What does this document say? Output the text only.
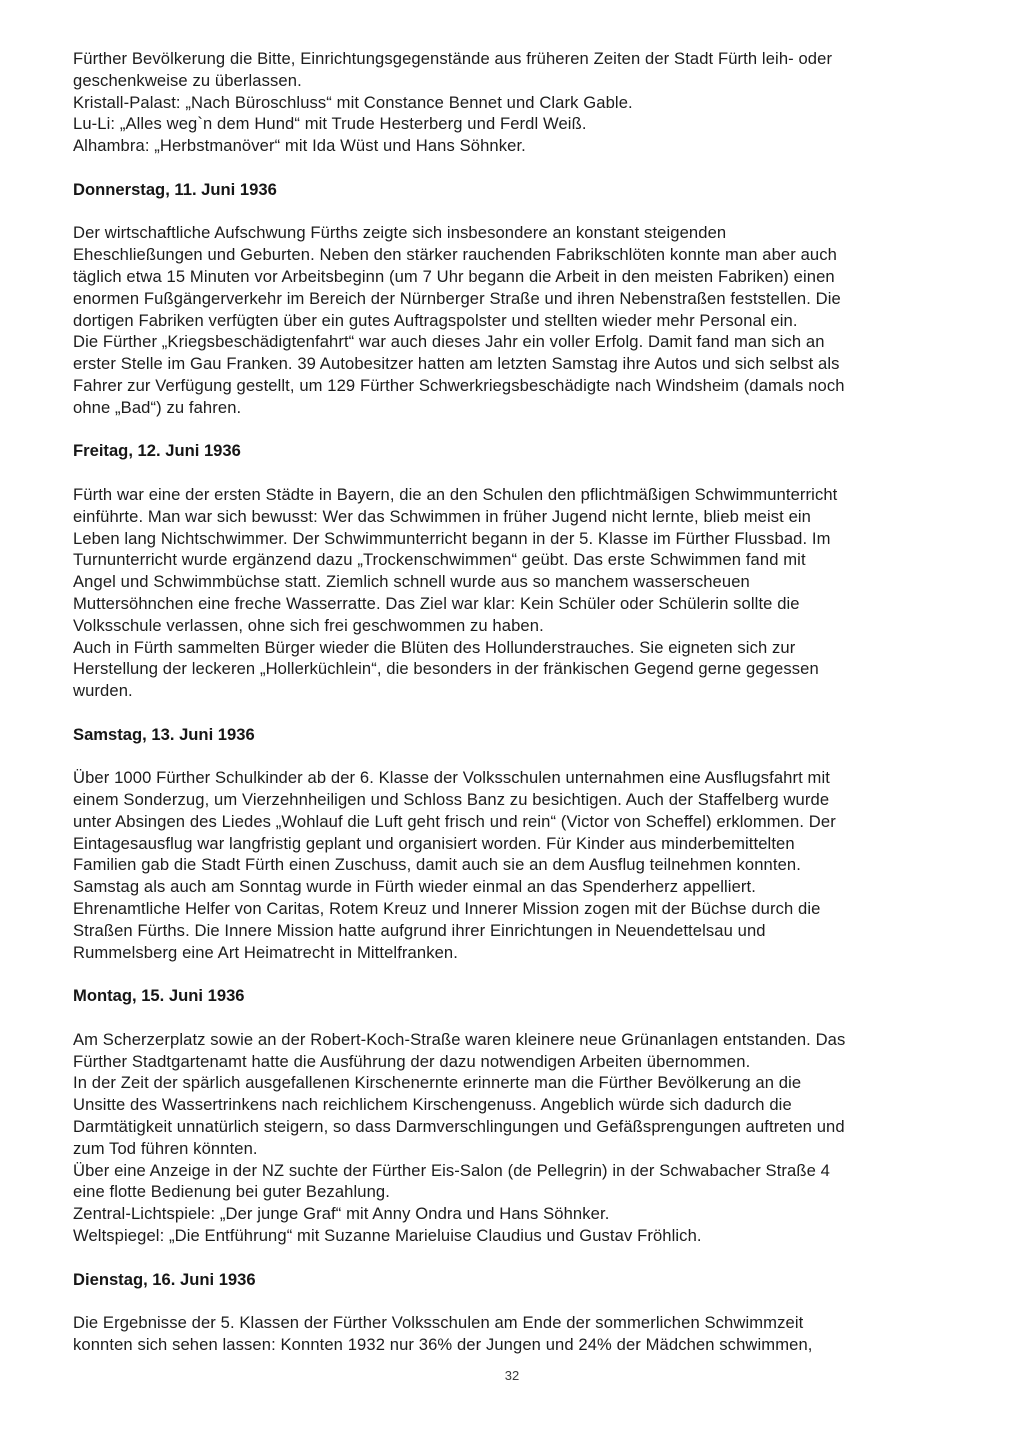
Fürther Bevölkerung die Bitte, Einrichtungsgegenstände aus früheren Zeiten der Stadt Fürth leih- oder
geschenkweise zu überlassen.
Kristall-Palast: „Nach Büroschluss“ mit Constance Bennet und Clark Gable.
Lu-Li: „Alles weg`n dem Hund“ mit Trude Hesterberg und Ferdl Weiß.
Alhambra: „Herbstmanöver“ mit Ida Wüst und Hans Söhnker.

Donnerstag, 11. Juni 1936

Der wirtschaftliche Aufschwung Fürths zeigte sich insbesondere an konstant steigenden
Eheschließungen und Geburten. Neben den stärker rauchenden Fabrikschlöten konnte man aber auch
täglich etwa 15 Minuten vor Arbeitsbeginn (um 7 Uhr begann die Arbeit in den meisten Fabriken) einen
enormen Fußgängerverkehr im Bereich der Nürnberger Straße und ihren Nebenstraßen feststellen. Die
dortigen Fabriken verfügten über ein gutes Auftragspolster und stellten wieder mehr Personal ein.
Die Fürther „Kriegsbeschädigtenfahrt“ war auch dieses Jahr ein voller Erfolg. Damit fand man sich an
erster Stelle im Gau Franken. 39 Autobesitzer hatten am letzten Samstag ihre Autos und sich selbst als
Fahrer zur Verfügung gestellt, um 129 Fürther Schwerkriegsbeschädigte nach Windsheim (damals noch
ohne „Bad“) zu fahren.

Freitag, 12. Juni 1936

Fürth war eine der ersten Städte in Bayern, die an den Schulen den pflichtmäßigen Schwimmunterricht
einführte. Man war sich bewusst: Wer das Schwimmen in früher Jugend nicht lernte, blieb meist ein
Leben lang Nichtschwimmer. Der Schwimmunterricht begann in der 5. Klasse im Fürther Flussbad. Im
Turnunterricht wurde ergänzend dazu „Trockenschwimmen“ geübt. Das erste Schwimmen fand mit
Angel und Schwimmbüchse statt. Ziemlich schnell wurde aus so manchem wasserscheuen
Muttersöhnchen eine freche Wasserratte. Das Ziel war klar: Kein Schüler oder Schülerin sollte die
Volksschule verlassen, ohne sich frei geschwommen zu haben.
Auch in Fürth sammelten Bürger wieder die Blüten des Hollunderstrauches. Sie eigneten sich zur
Herstellung der leckeren „Hollerküchlein“, die besonders in der fränkischen Gegend gerne gegessen
wurden.

Samstag, 13. Juni 1936

Über 1000 Fürther Schulkinder ab der 6. Klasse der Volksschulen unternahmen eine Ausflugsfahrt mit
einem Sonderzug, um Vierzehnheiligen und Schloss Banz zu besichtigen. Auch der Staffelberg wurde
unter Absingen des Liedes „Wohlauf die Luft geht frisch und rein“ (Victor von Scheffel) erklommen. Der
Eintagesausflug war langfristig geplant und organisiert worden. Für Kinder aus minderbemittelten
Familien gab die Stadt Fürth einen Zuschuss, damit auch sie an dem Ausflug teilnehmen konnten.
Samstag als auch am Sonntag wurde in Fürth wieder einmal an das Spenderherz appelliert.
Ehrenamtliche Helfer von Caritas, Rotem Kreuz und Innerer Mission zogen mit der Büchse durch die
Straßen Fürths. Die Innere Mission hatte aufgrund ihrer Einrichtungen in Neuendettelsau und
Rummelsberg eine Art Heimatrecht in Mittelfranken.

Montag, 15. Juni 1936

Am Scherzerplatz sowie an der Robert-Koch-Straße waren kleinere neue Grünanlagen entstanden. Das
Fürther Stadtgartenamt hatte die Ausführung der dazu notwendigen Arbeiten übernommen.
In der Zeit der spärlich ausgefallenen Kirschenernte erinnerte man die Fürther Bevölkerung an die
Unsitte des Wassertrinkens nach reichlichem Kirschengenuss. Angeblich würde sich dadurch die
Darmtätigkeit unnatürlich steigern, so dass Darmverschlingungen und Gefäßsprengungen auftreten und
zum Tod führen könnten.
Über eine Anzeige in der NZ suchte der Fürther Eis-Salon (de Pellegrin) in der Schwabacher Straße 4
eine flotte Bedienung bei guter Bezahlung.
Zentral-Lichtspiele: „Der junge Graf“ mit Anny Ondra und Hans Söhnker.
Weltspiegel: „Die Entführung“ mit Suzanne Marieluise Claudius und Gustav Fröhlich.

Dienstag, 16. Juni 1936

Die Ergebnisse der 5. Klassen der Fürther Volksschulen am Ende der sommerlichen Schwimmzeit
konnten sich sehen lassen: Konnten 1932 nur 36% der Jungen und 24% der Mädchen schwimmen,

32
